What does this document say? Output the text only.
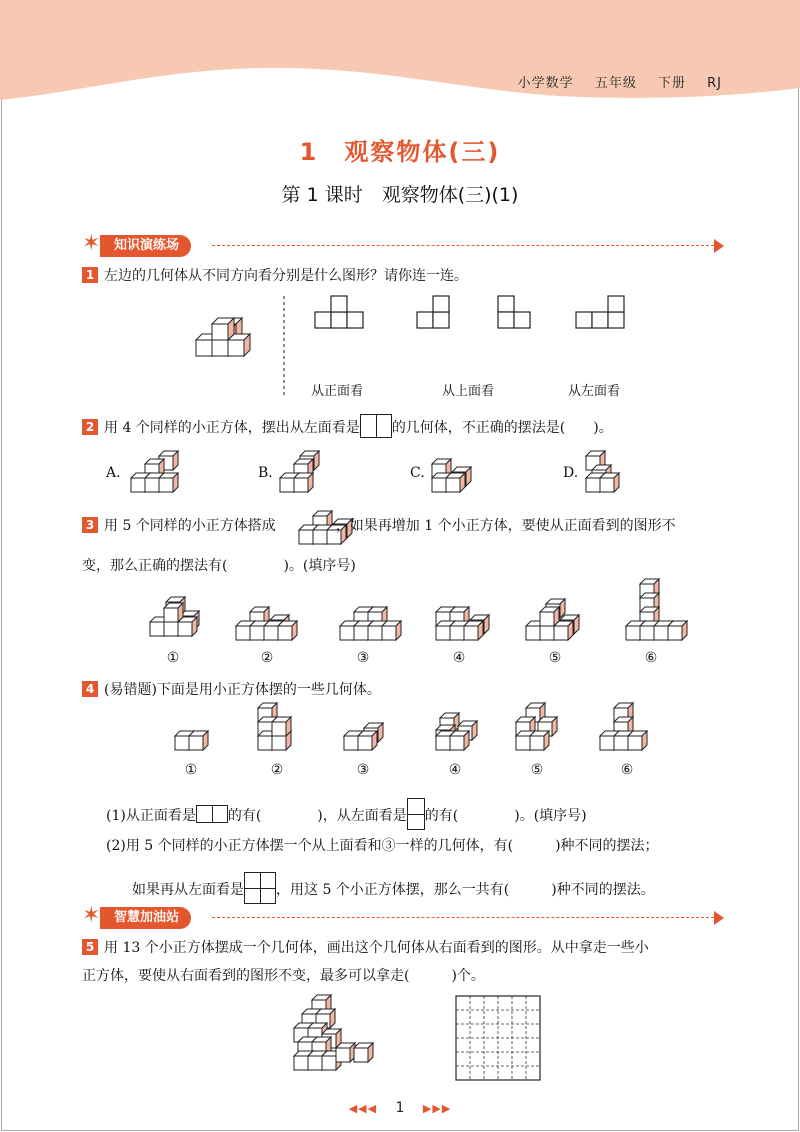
小学数学 五年级 下册 RJ
1　观察物体(三)
第 1 课时　观察物体(三)(1)
✶	知识演练场
1 左边的几何体从不同方向看分别是什么图形？请你连一连。
从正面看	从上面看	从左面看
2 用 4 个同样的小正方体，摆出从左面看是 的几何体，不正确的摆法是(　　)。
A.	B.	C.	D.
3 用 5 个同样的小正方体搭成	，如果再增加 1 个小正方体，要使从正面看到的图形不
变，那么正确的摆法有(　　　　)。(填序号)
①	②	③	④	⑤	⑥
4 (易错题)下面是用小正方体摆的一些几何体。
①	②	③	④	⑤	⑥
(1)从正面看是 的有(　　　　)，从左面看是 的有(　　　　)。(填序号)
(2)用 5 个同样的小正方体摆一个从上面看和③一样的几何体，有(　　　)种不同的摆法；
如果再从左面看是 ，用这 5 个小正方体摆，那么一共有(　　　)种不同的摆法。
✶	智慧加油站
5 用 13 个小正方体摆成一个几何体，画出这个几何体从右面看到的图形。从中拿走一些小
正方体，要使从右面看到的图形不变，最多可以拿走(　　　)个。
◀◀◀ 1 ▶▶▶
